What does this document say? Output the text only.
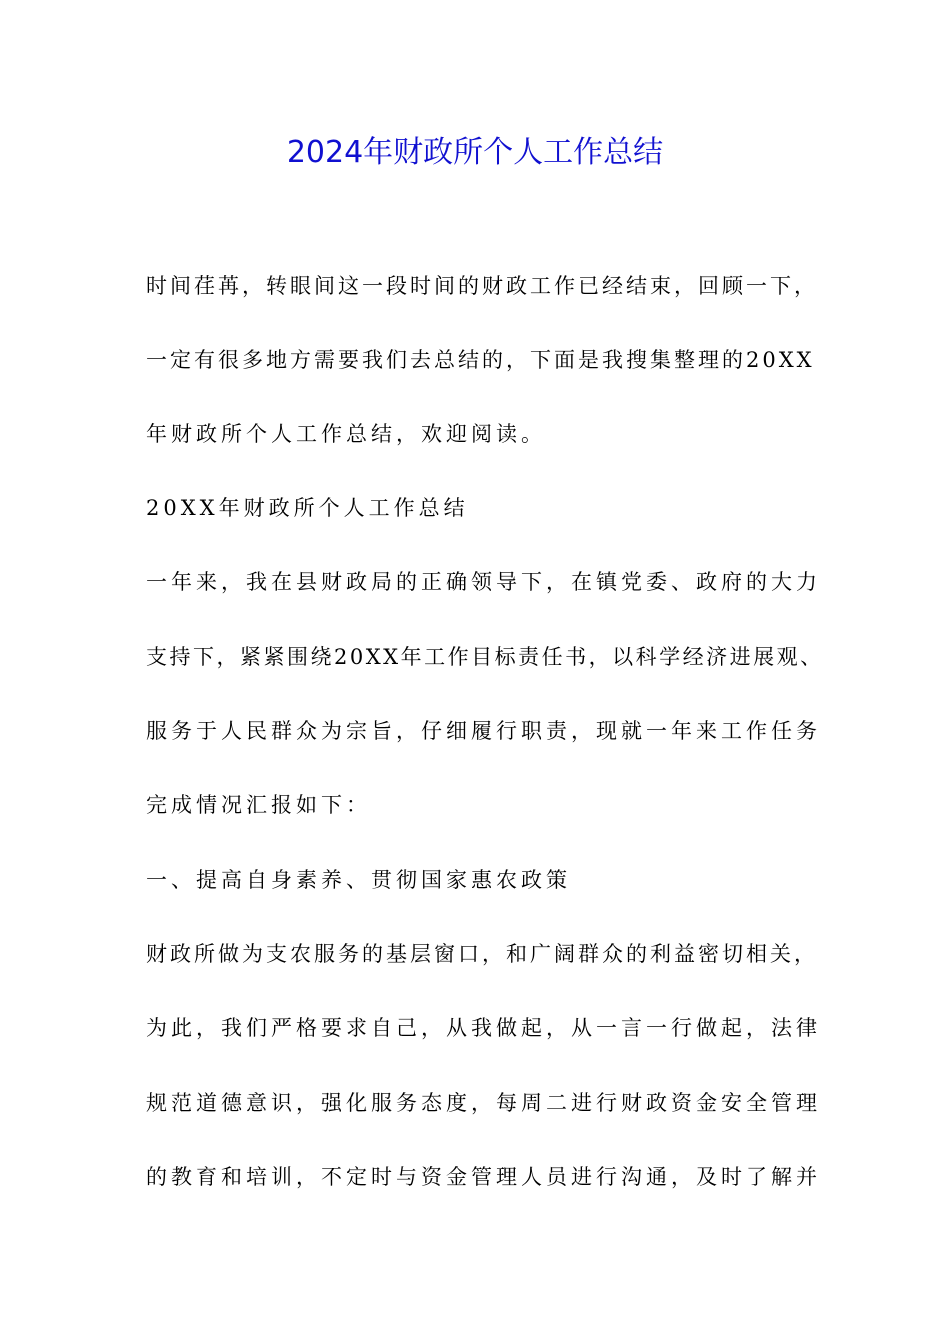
2024年财政所个人工作总结

时间荏苒，转眼间这一段时间的财政工作已经结束，回顾一下，

一定有很多地方需要我们去总结的，下面是我搜集整理的20XX

年财政所个人工作总结，欢迎阅读。

20XX年财政所个人工作总结

一年来，我在县财政局的正确领导下，在镇党委、政府的大力

支持下，紧紧围绕20XX年工作目标责任书，以科学经济进展观、

服务于人民群众为宗旨，仔细履行职责，现就一年来工作任务

完成情况汇报如下：

一、提高自身素养、贯彻国家惠农政策

财政所做为支农服务的基层窗口，和广阔群众的利益密切相关，

为此，我们严格要求自己，从我做起，从一言一行做起，法律

规范道德意识，强化服务态度，每周二进行财政资金安全管理

的教育和培训，不定时与资金管理人员进行沟通，及时了解并
